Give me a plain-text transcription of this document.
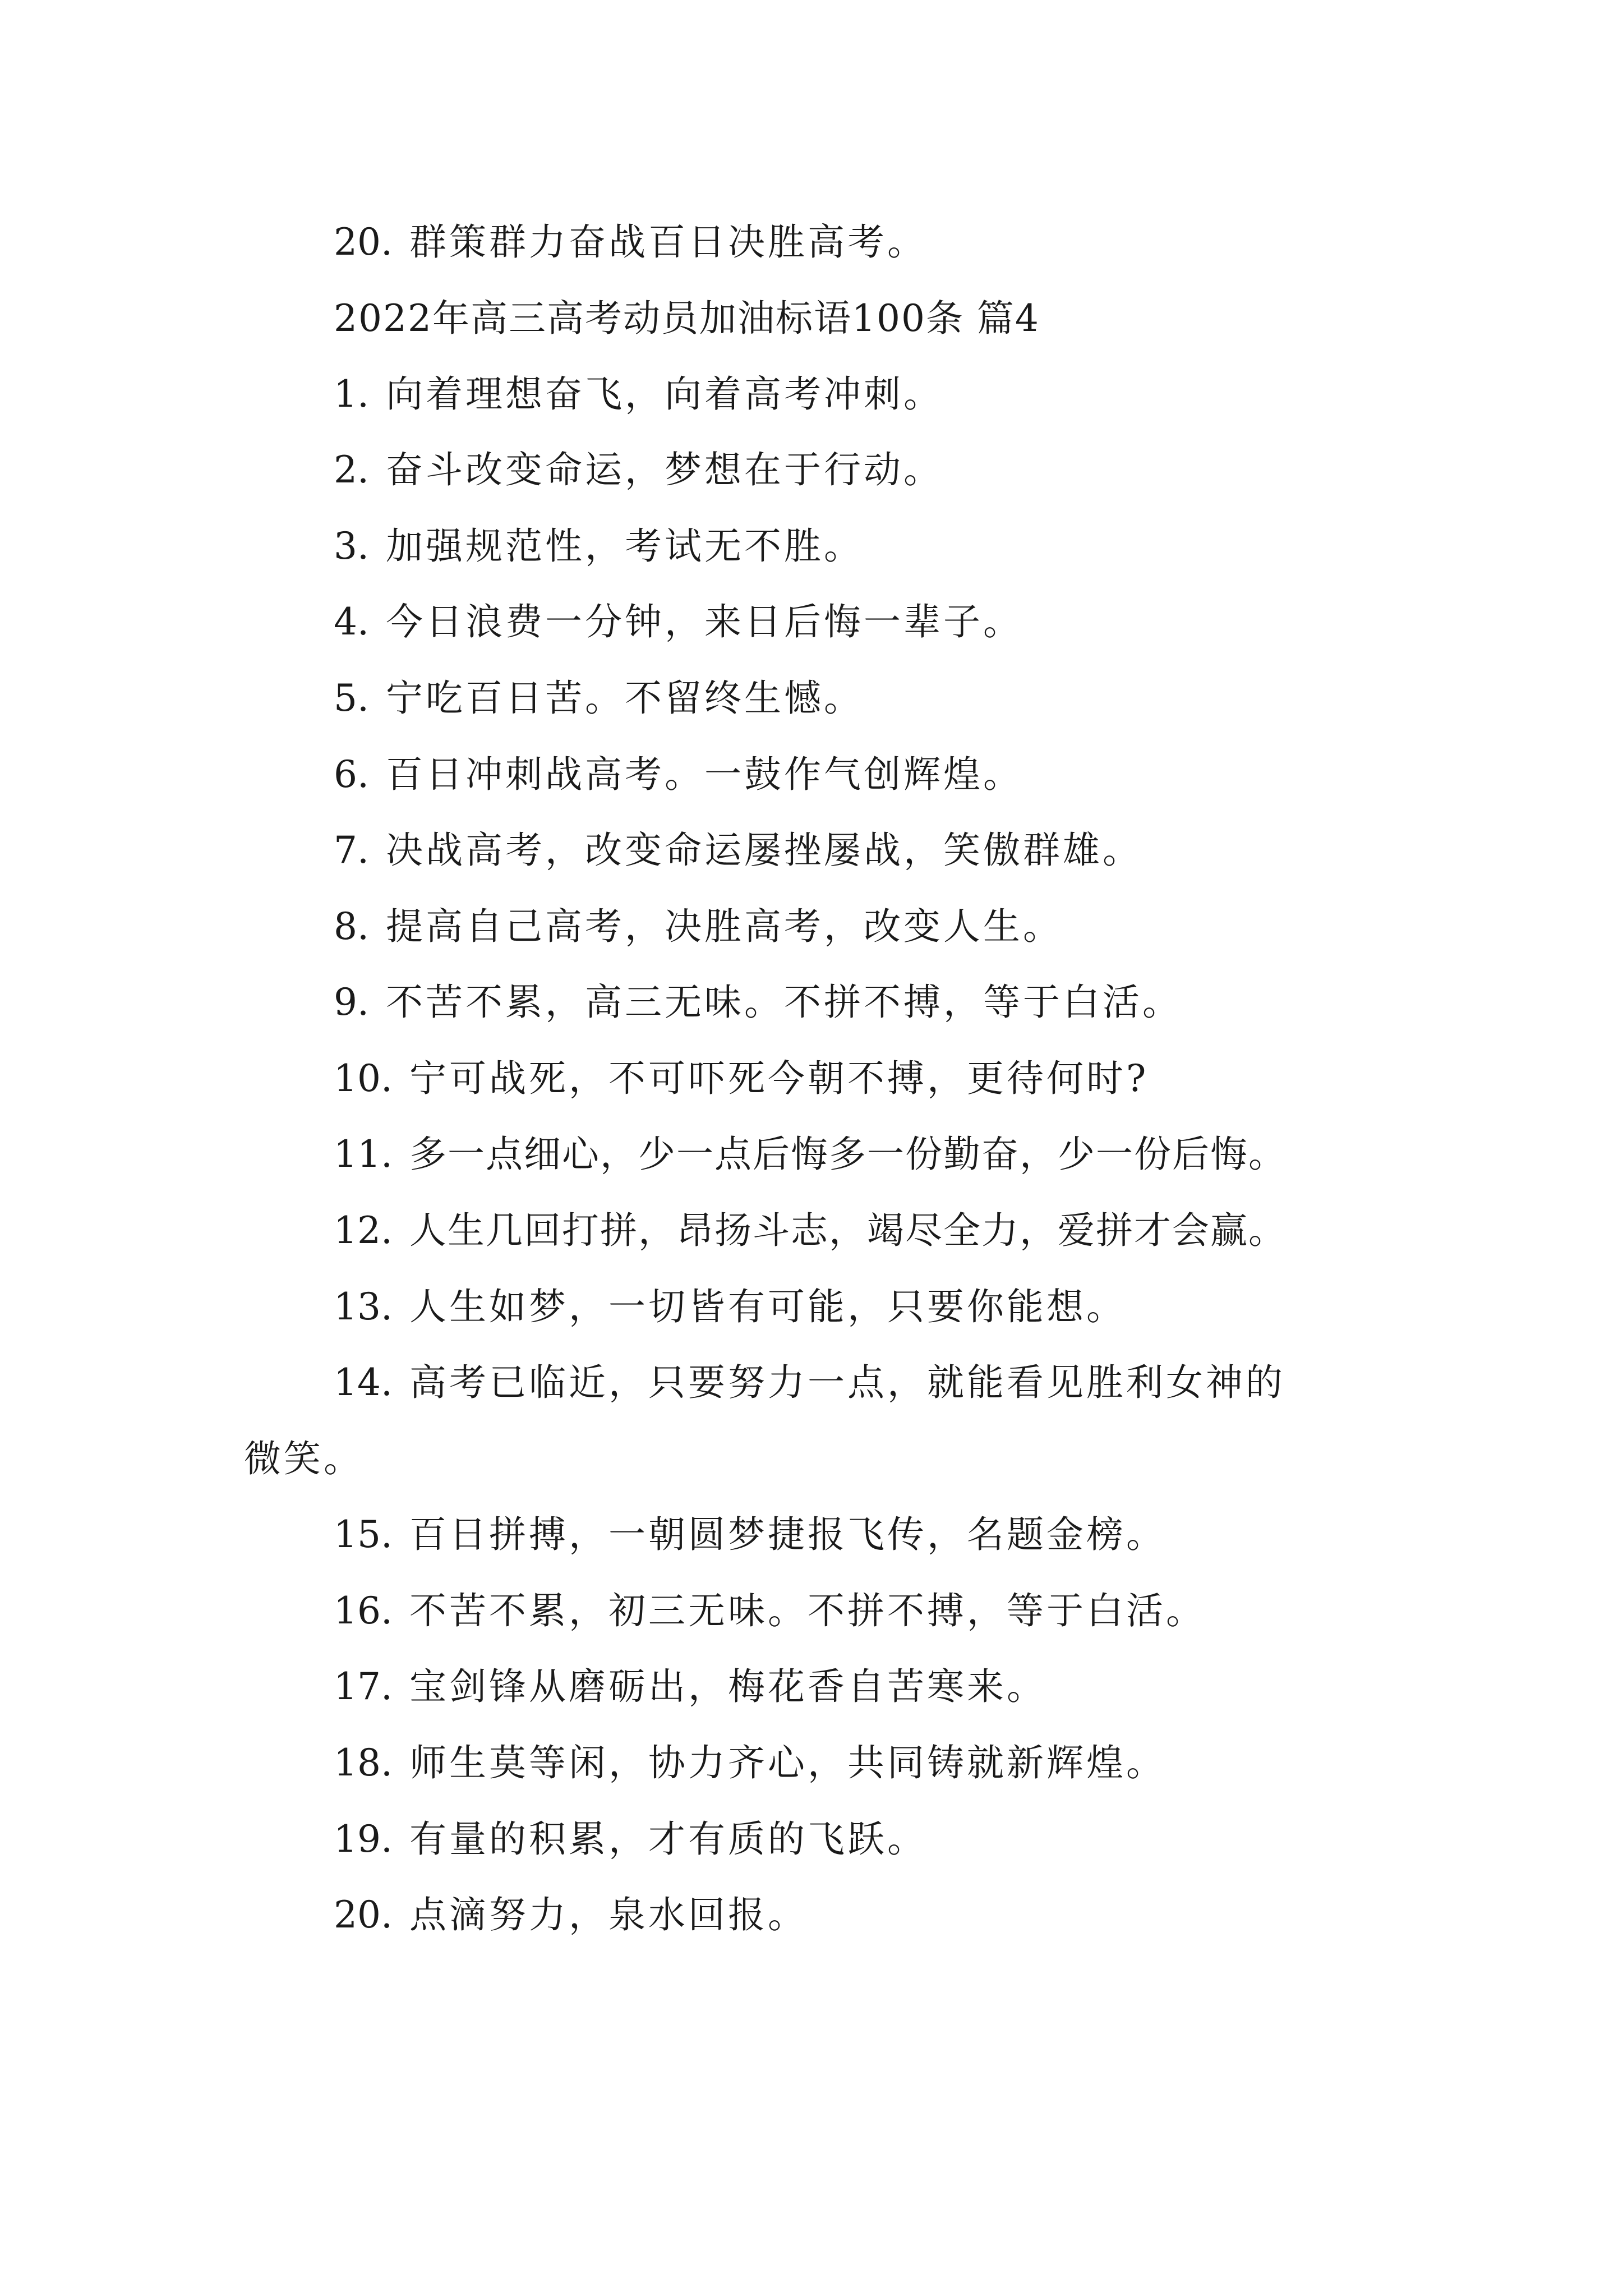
20. 群策群力奋战百日决胜高考。
2022年高三高考动员加油标语100条 篇4
1. 向着理想奋飞，向着高考冲刺。
2. 奋斗改变命运，梦想在于行动。
3. 加强规范性，考试无不胜。
4. 今日浪费一分钟，来日后悔一辈子。
5. 宁吃百日苦。不留终生憾。
6. 百日冲刺战高考。一鼓作气创辉煌。
7. 决战高考，改变命运屡挫屡战，笑傲群雄。
8. 提高自己高考，决胜高考，改变人生。
9. 不苦不累，高三无味。不拼不搏，等于白活。
10. 宁可战死，不可吓死今朝不搏，更待何时?
11. 多一点细心，少一点后悔多一份勤奋，少一份后悔。
12. 人生几回打拼，昂扬斗志，竭尽全力，爱拼才会赢。
13. 人生如梦，一切皆有可能，只要你能想。
14. 高考已临近，只要努力一点，就能看见胜利女神的
微笑。
15. 百日拼搏，一朝圆梦捷报飞传，名题金榜。
16. 不苦不累，初三无味。不拼不搏，等于白活。
17. 宝剑锋从磨砺出，梅花香自苦寒来。
18. 师生莫等闲，协力齐心，共同铸就新辉煌。
19. 有量的积累，才有质的飞跃。
20. 点滴努力，泉水回报。
